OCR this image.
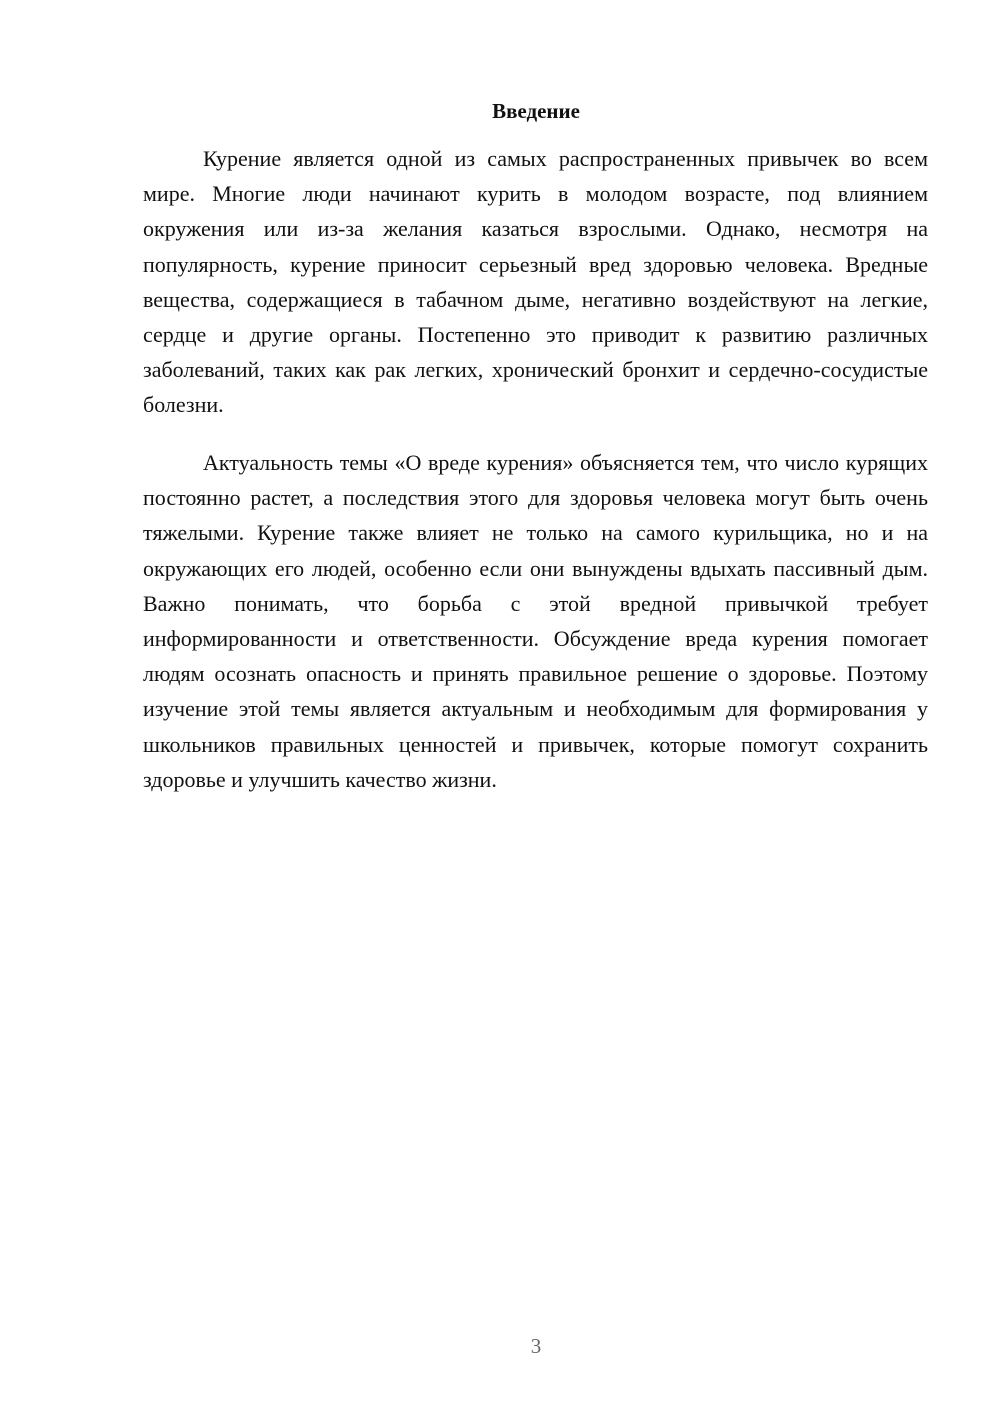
Введение

Курение является одной из самых распространенных привычек во всем мире. Многие люди начинают курить в молодом возрасте, под влиянием окружения или из-за желания казаться взрослыми. Однако, несмотря на популярность, курение приносит серьезный вред здоровью человека. Вредные вещества, содержащиеся в табачном дыме, негативно воздействуют на легкие, сердце и другие органы. Постепенно это приводит к развитию различных заболеваний, таких как рак легких, хронический бронхит и сердечно-сосудистые болезни.

Актуальность темы «О вреде курения» объясняется тем, что число курящих постоянно растет, а последствия этого для здоровья человека могут быть очень тяжелыми. Курение также влияет не только на самого курильщика, но и на окружающих его людей, особенно если они вынуждены вдыхать пассивный дым. Важно понимать, что борьба с этой вредной привычкой требует информированности и ответственности. Обсуждение вреда курения помогает людям осознать опасность и принять правильное решение о здоровье. Поэтому изучение этой темы является актуальным и необходимым для формирования у школьников правильных ценностей и привычек, которые помогут сохранить здоровье и улучшить качество жизни.

3
